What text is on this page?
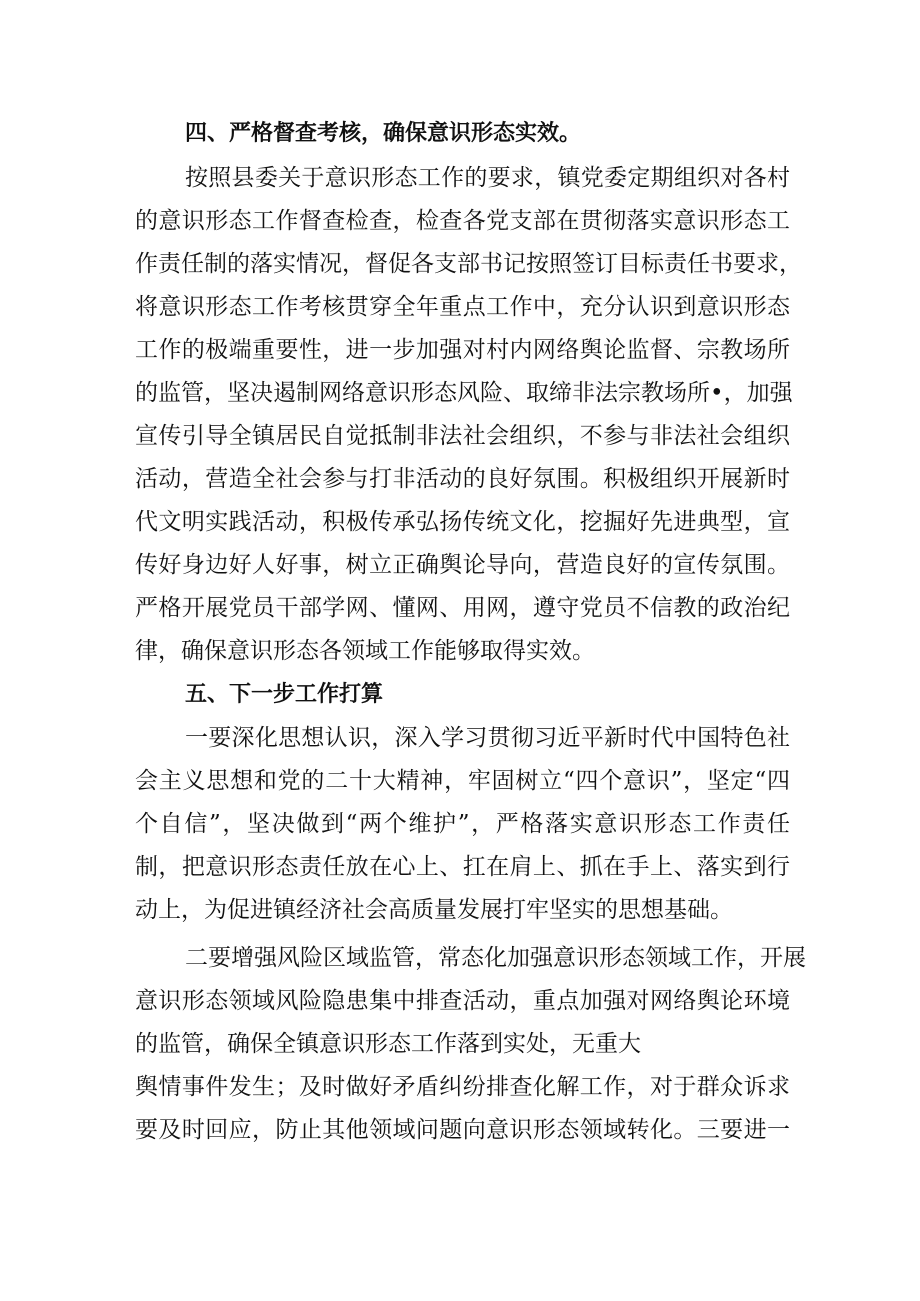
四、严格督查考核，确保意识形态实效。
按照县委关于意识形态工作的要求，镇党委定期组织对各村
的意识形态工作督查检查，检查各党支部在贯彻落实意识形态工
作责任制的落实情况，督促各支部书记按照签订目标责任书要求，
将意识形态工作考核贯穿全年重点工作中，充分认识到意识形态
工作的极端重要性，进一步加强对村内网络舆论监督、宗教场所
的监管，坚决遏制网络意识形态风险、取缔非法宗教场所•，加强
宣传引导全镇居民自觉抵制非法社会组织，不参与非法社会组织
活动，营造全社会参与打非活动的良好氛围。积极组织开展新时
代文明实践活动，积极传承弘扬传统文化，挖掘好先进典型，宣
传好身边好人好事，树立正确舆论导向，营造良好的宣传氛围。
严格开展党员干部学网、懂网、用网，遵守党员不信教的政治纪
律，确保意识形态各领域工作能够取得实效。
五、下一步工作打算
一要深化思想认识，深入学习贯彻习近平新时代中国特色社
会主义思想和党的二十大精神，牢固树立“四个意识”，坚定“四
个自信”，坚决做到“两个维护”，严格落实意识形态工作责任
制，把意识形态责任放在心上、扛在肩上、抓在手上、落实到行
动上，为促进镇经济社会高质量发展打牢坚实的思想基础。
二要增强风险区域监管，常态化加强意识形态领域工作，开展
意识形态领域风险隐患集中排查活动，重点加强对网络舆论环境
的监管，确保全镇意识形态工作落到实处，无重大
舆情事件发生；及时做好矛盾纠纷排查化解工作，对于群众诉求
要及时回应，防止其他领域问题向意识形态领域转化。三要进一
